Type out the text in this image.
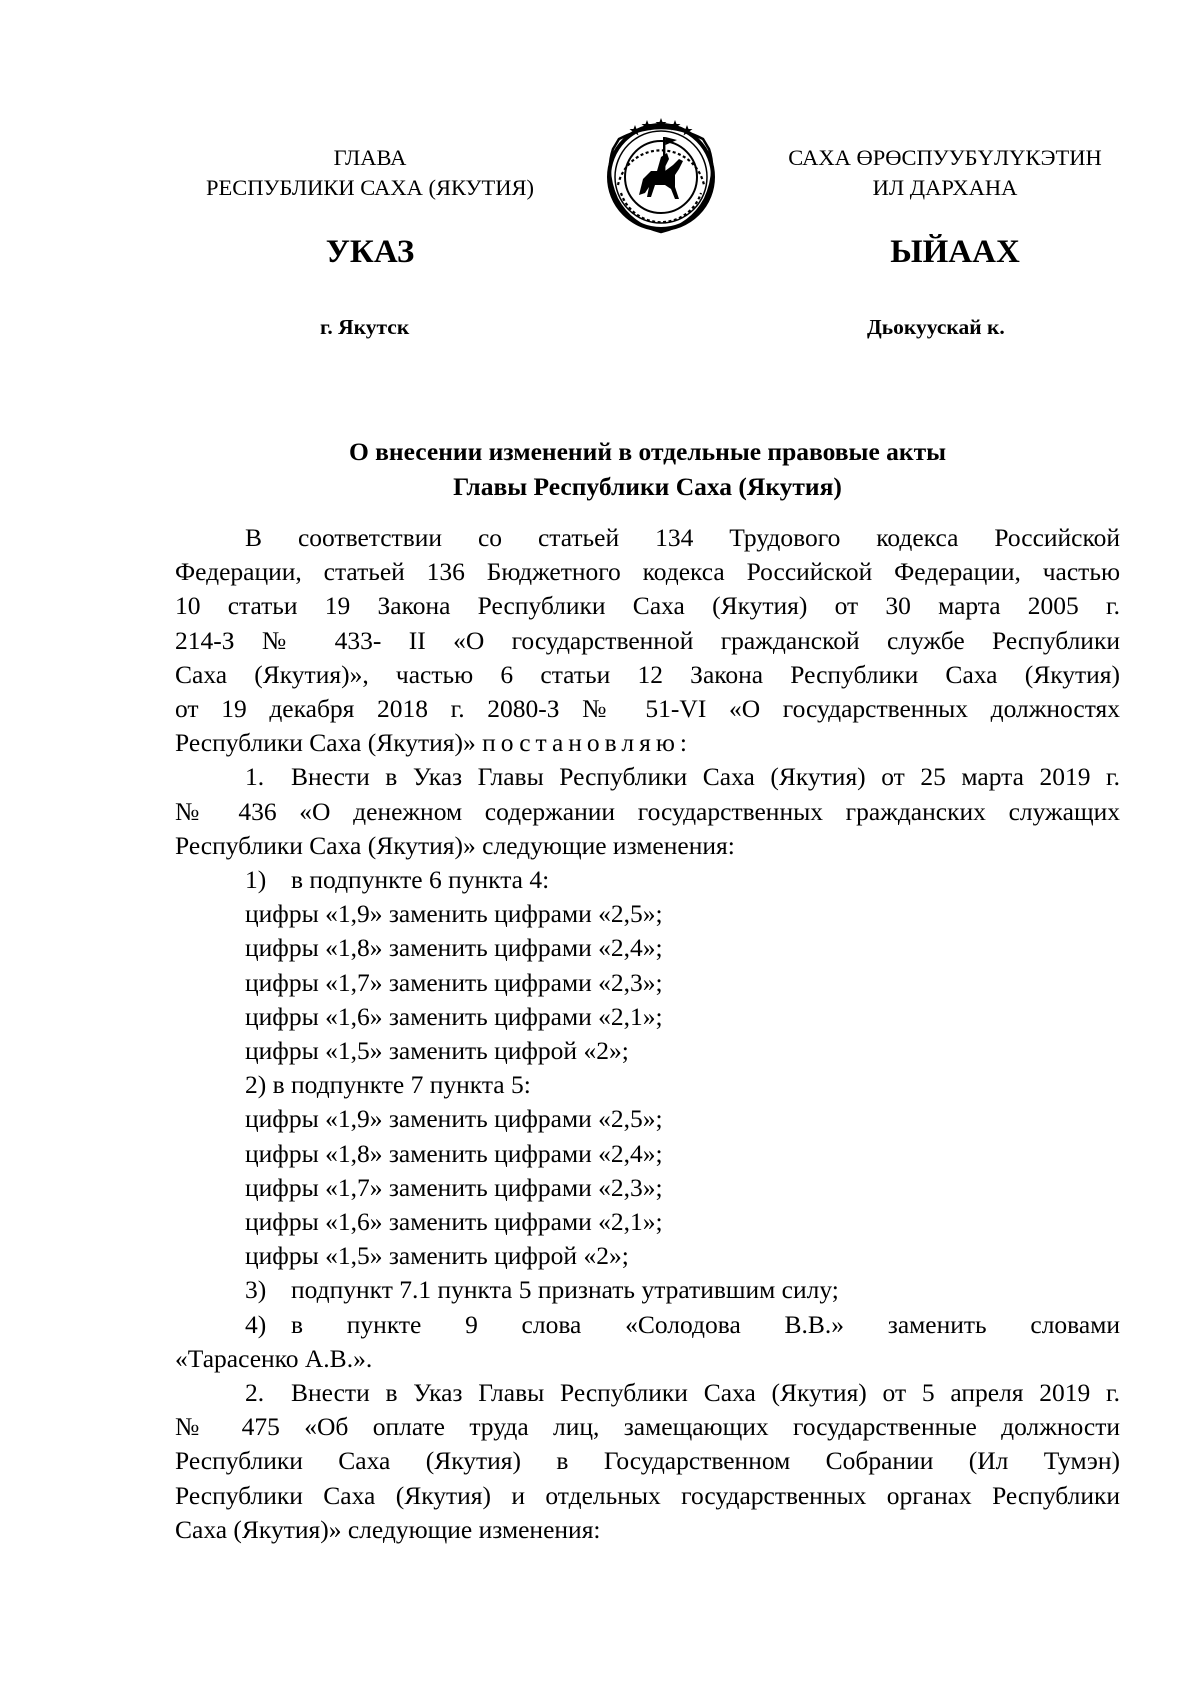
ГЛАВА
РЕСПУБЛИКИ САХА (ЯКУТИЯ)
САХА ӨРӨСПУУБҮЛҮКЭТИН
ИЛ ДАРХАНА
УКАЗ	ЫЙААХ
г. Якутск	Дьокуускай к.
О внесении изменений в отдельные правовые акты
Главы Республики Саха (Якутия)
В соответствии со статьей 134 Трудового кодекса Российской
Федерации, статьей 136 Бюджетного кодекса Российской Федерации, частью
10 статьи 19 Закона Республики Саха (Якутия) от 30 марта 2005 г.
214-З № 433- II «О государственной гражданской службе Республики
Саха (Якутия)», частью 6 статьи 12 Закона Республики Саха (Якутия)
от 19 декабря 2018 г. 2080-З № 51-VI «О государственных должностях
Республики Саха (Якутия)» постановляю:
1. Внести в Указ Главы Республики Саха (Якутия) от 25 марта 2019 г.
№ 436 «О денежном содержании государственных гражданских служащих
Республики Саха (Якутия)» следующие изменения:
1) в подпункте 6 пункта 4:
цифры «1,9» заменить цифрами «2,5»;
цифры «1,8» заменить цифрами «2,4»;
цифры «1,7» заменить цифрами «2,3»;
цифры «1,6» заменить цифрами «2,1»;
цифры «1,5» заменить цифрой «2»;
2) в подпункте 7 пункта 5:
цифры «1,9» заменить цифрами «2,5»;
цифры «1,8» заменить цифрами «2,4»;
цифры «1,7» заменить цифрами «2,3»;
цифры «1,6» заменить цифрами «2,1»;
цифры «1,5» заменить цифрой «2»;
3) подпункт 7.1 пункта 5 признать утратившим силу;
4) в пункте 9 слова «Солодова В.В.» заменить словами
«Тарасенко А.В.».
2. Внести в Указ Главы Республики Саха (Якутия) от 5 апреля 2019 г.
№ 475 «Об оплате труда лиц, замещающих государственные должности
Республики Саха (Якутия) в Государственном Собрании (Ил Тумэн)
Республики Саха (Якутия) и отдельных государственных органах Республики
Саха (Якутия)» следующие изменения:
